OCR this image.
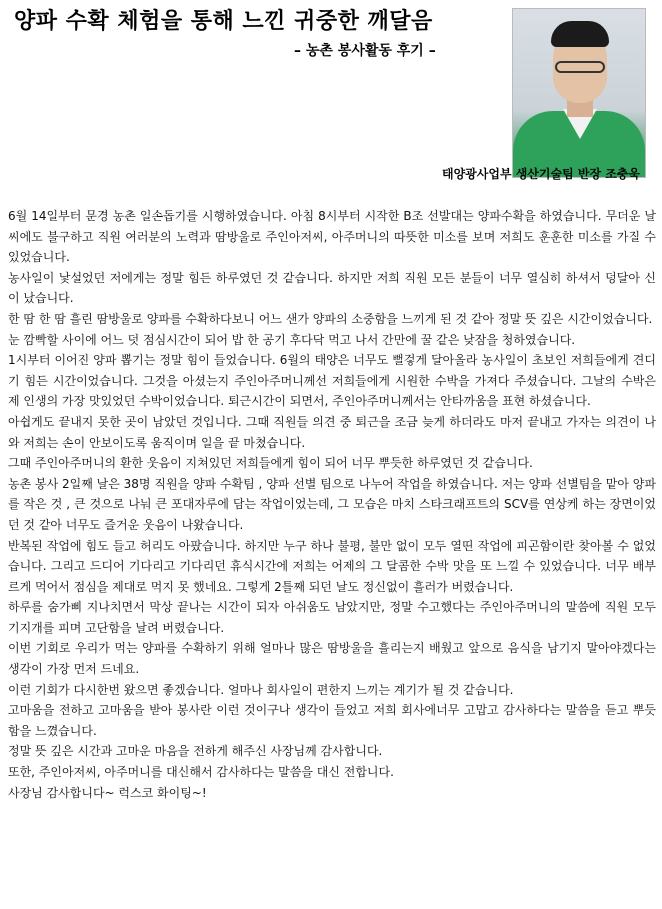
양파 수확 체험을 통해 느낀 귀중한 깨달음
– 농촌 봉사활동 후기 –
태양광사업부 생산기술팀 반장 조충욱

6월 14일부터 문경 농촌 일손돕기를 시행하였습니다. 아침 8시부터 시작한 B조 선발대는 양파수확을 하였습니다. 무더운 날씨에도 불구하고 직원 여러분의 노력과 땀방울로 주인아저씨, 아주머니의 따뜻한 미소를 보며 저희도 훈훈한 미소를 가질 수 있었습니다.

농사일이 낯설었던 저에게는 정말 힘든 하루였던 것 같습니다. 하지만 저희 직원 모든 분들이 너무 열심히 하셔서 덩달아 신이 났습니다.

한 땀 한 땀 흘린 땀방울로 양파를 수확하다보니 어느 샌가 양파의 소중함을 느끼게 된 것 같아 정말 뜻 깊은 시간이었습니다.

눈 깜빡할 사이에 어느 덧 점심시간이 되어 밥 한 공기 후다닥 먹고 나서 간만에 꿀 같은 낮잠을 청하였습니다.

1시부터 이어진 양파 뽑기는 정말 힘이 들었습니다. 6월의 태양은 너무도 뻘겋게 달아올라 농사일이 초보인 저희들에게 견디기 힘든 시간이었습니다. 그것을 아셨는지 주인아주머니께선 저희들에게 시원한 수박을 가져다 주셨습니다. 그날의 수박은 제 인생의 가장 맛있었던 수박이었습니다. 퇴근시간이 되면서, 주인아주머니께서는 안타까움을 표현 하셨습니다.

아쉽게도 끝내지 못한 곳이 남았던 것입니다. 그때 직원들 의견 중 퇴근을 조금 늦게 하더라도 마저 끝내고 가자는 의견이 나와 저희는 손이 안보이도록 움직이며 일을 끝 마쳤습니다.

그때 주인아주머니의 환한 웃음이 지쳐있던 저희들에게 힘이 되어 너무 뿌듯한 하루였던 것 같습니다.

농촌 봉사 2일째 날은 38명 직원을 양파 수확팀 , 양파 선별 팀으로 나누어 작업을 하였습니다. 저는 양파 선별팀을 맡아 양파를 작은 것 , 큰 것으로 나눠 큰 포대자루에 담는 작업이었는데, 그 모습은 마치 스타크래프트의 SCV를 연상케 하는 장면이었던 것 같아 너무도 즐거운 웃음이 나왔습니다.

반복된 작업에 힘도 들고 허리도 아팠습니다. 하지만 누구 하나 불평, 불만 없이 모두 열띤 작업에 피곤함이란 찾아볼 수 없었습니다. 그리고 드디어 기다리고 기다리던 휴식시간에 저희는 어제의 그 달콤한 수박 맛을 또 느낄 수 있었습니다. 너무 배부르게 먹어서 점심을 제대로 먹지 못 했네요. 그렇게 2틀째 되던 날도 정신없이 흘러가 버렸습니다.

하루를 숨가삐 지나치면서 막상 끝나는 시간이 되자 아쉬움도 남았지만, 정말 수고했다는 주인아주머니의 말씀에 직원 모두 기지개를 피며 고단함을 날려 버렸습니다.

이번 기회로 우리가 먹는 양파를 수확하기 위해 얼마나 많은 땀방울을 흘리는지 배웠고 앞으로 음식을 남기지 말아야겠다는 생각이 가장 먼저 드네요.

이런 기회가 다시한번 왔으면 좋겠습니다. 얼마나 회사일이 편한지 느끼는 계기가 될 것 같습니다.

고마움을 전하고 고마움을 받아 봉사란 이런 것이구나 생각이 들었고 저희 회사에너무 고맙고 감사하다는 말씀을 듣고 뿌듯함을 느꼈습니다.

정말 뜻 깊은 시간과 고마운 마음을 전하게 해주신 사장님께 감사합니다.

또한, 주인아저씨, 아주머니를 대신해서 감사하다는 말씀을 대신 전합니다.

사장님 감사합니다~ 럭스코 화이팅~!
